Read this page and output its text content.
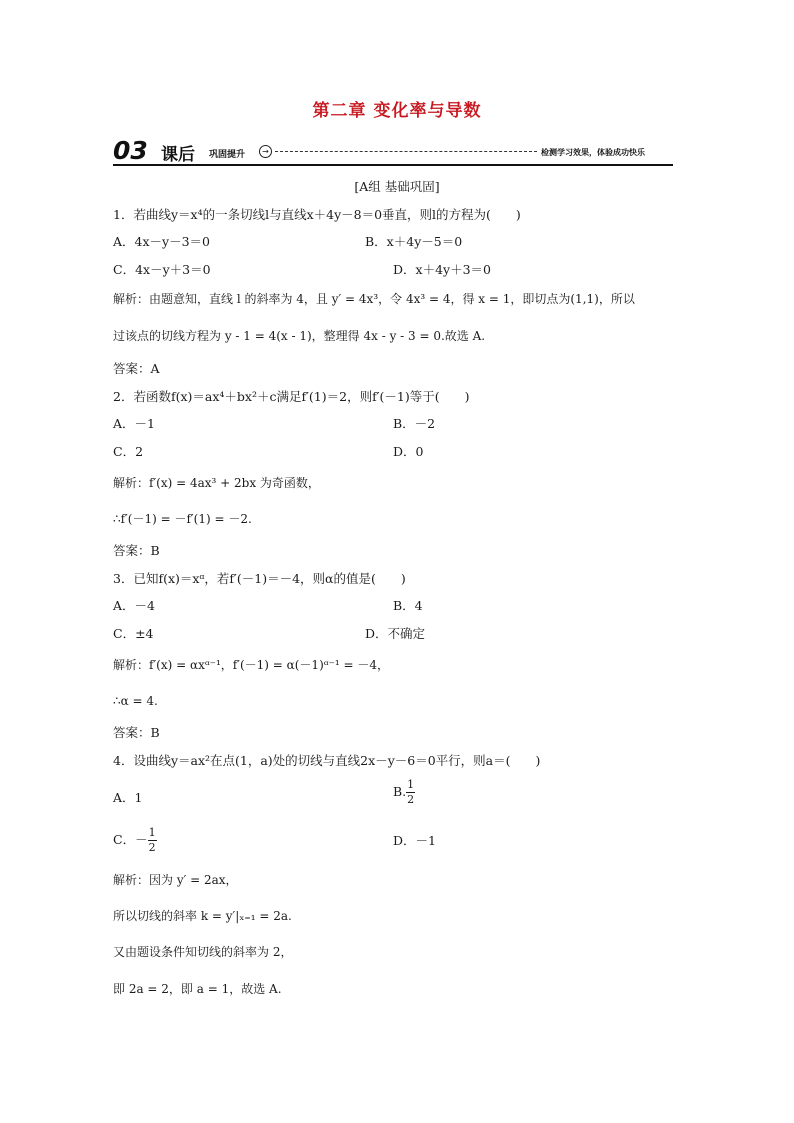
第二章 变化率与导数
03 课后 巩固提升	→	检测学习效果，体验成功快乐
[A组 基础巩固]
1．若曲线y＝x⁴的一条切线l与直线x＋4y－8＝0垂直，则l的方程为(　　)
A．4x－y－3＝0	B．x＋4y－5＝0
C．4x－y＋3＝0	D．x＋4y＋3＝0
解析：由题意知，直线 l 的斜率为 4，且 y′ = 4x³，令 4x³ = 4，得 x = 1，即切点为(1,1)，所以
过该点的切线方程为 y - 1 = 4(x - 1)，整理得 4x - y - 3 = 0.故选 A.
答案：A
2．若函数f(x)＝ax⁴＋bx²＋c满足f′(1)＝2，则f′(－1)等于(　　)
A．－1	B．－2
C．2	D．0
解析：f′(x) = 4ax³ + 2bx 为奇函数，
∴f′(－1) = －f′(1) = －2.
答案：B
3．已知f(x)＝xᵅ，若f′(－1)＝－4，则α的值是(　　)
A．－4	B．4
C．±4	D．不确定
解析：f′(x) = αxᵅ⁻¹，f′(－1) = α(－1)ᵅ⁻¹ = －4，
∴α = 4.
答案：B
4．设曲线y＝ax²在点(1，a)处的切线与直线2x－y－6＝0平行，则a＝(　　)
A．1	B. $\frac{1}{2}$
C．－ $\frac{1}{2}$	D．－1
解析：因为 y′ = 2ax，
所以切线的斜率 k = y′|ₓ₌₁ = 2a.
又由题设条件知切线的斜率为 2，
即 2a = 2，即 a = 1，故选 A.
